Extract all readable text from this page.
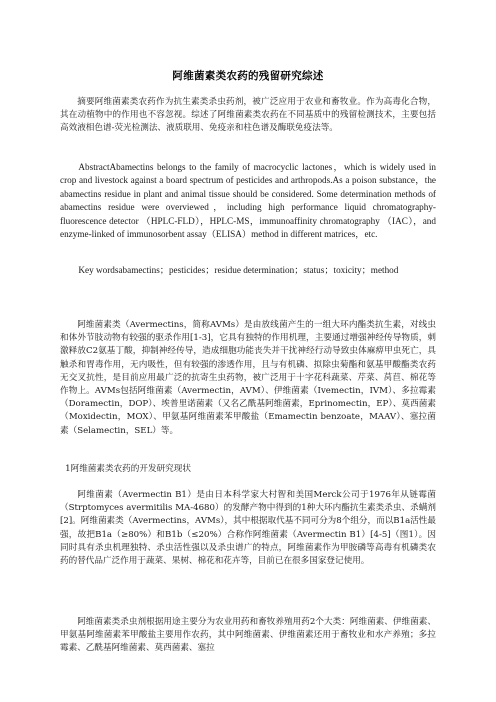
阿维菌素类农药的残留研究综述

摘要阿维菌素类农药作为抗生素类杀虫药剂，被广泛应用于农业和畜牧业。作为高毒化合物，其在动植物中的作用也不容忽视。综述了阿维菌素类农药在不同基质中的残留检测技术，主要包括高效液相色谱-荧光检测法、液质联用、免疫亲和柱色谱及酶联免疫法等。

AbstractAbamectins belongs to the family of macrocyclic lactones，which is widely used in crop and livestock against a board spectrum of pesticides and arthropods.As a poison substance，the abamectins residue in plant and animal tissue should be considered. Some determination methods of abamectins residue were overviewed，including high performance liquid chromatography-fluorescence detector （HPLC-FLD），HPLC-MS，immunoaffinity chromatography （IAC），and enzyme-linked of immunosorbent assay（ELISA）method in different matrices，etc.

Key wordsabamectins；pesticides；residue determination；status；toxicity；method

阿维菌素类（Avermectins，简称AVMs）是由放线菌产生的一组大环内酯类抗生素，对线虫和体外节肢动物有较强的驱杀作用[1-3]，它具有独特的作用机理，主要通过增强神经传导物质，刺激释放C2氨基丁酸，抑制神经传导，造成细胞功能丧失并干扰神经行动导致虫体麻痹甲虫死亡，具触杀和胃毒作用，无内吸性，但有较强的渗透作用，且与有机磷、拟除虫菊酯和氨基甲酸酯类农药无交叉抗性，是目前应用最广泛的抗寄生虫药物，被广泛用于十字花科蔬菜、芹菜、莴苣、棉花等作物上。AVMs包括阿维菌素（Avermectin，AVM）、伊维菌素（Ivemectin，IVM）、多拉霉素（Doramectin，DOP）、埃普里诺菌素（又名乙酰基阿维菌素，Eprinomectin，EP）、莫西菌素（Moxidectin，MOX）、甲氨基阿维菌素苯甲酸盐（Emamectin benzoate，MAAV）、塞拉菌素（Selamectin，SEL）等。

1阿维菌素类农药的开发研究现状

阿维菌素（Avermectin B1）是由日本科学家大村智和美国Merck公司于1976年从链霉菌（Strptomyces avermitilis MA-4680）的发酵产物中得到的1种大环内酯抗生素类杀虫、杀螨剂[2]。阿维菌素类（Avermectins，AVMs），其中根据取代基不同可分为8个组分，而以B1a活性最强，故把B1a（≥80%）和B1b（≤20%）合称作阿维菌素（Avermectin B1）[4-5]（图1）。因同时具有杀虫机理独特、杀虫活性强以及杀虫谱广的特点，阿维菌素作为甲胺磷等高毒有机磷类农药的替代品广泛作用于蔬菜、果树、棉花和花卉等，目前已在很多国家登记使用。

阿维菌素类杀虫剂根据用途主要分为农业用药和畜牧养殖用药2个大类：阿维菌素、伊维菌素、甲氨基阿维菌素苯甲酸盐主要用作农药，其中阿维菌素、伊维菌素还用于畜牧业和水产养殖；多拉霉素、乙酰基阿维菌素、莫西菌素、塞拉
